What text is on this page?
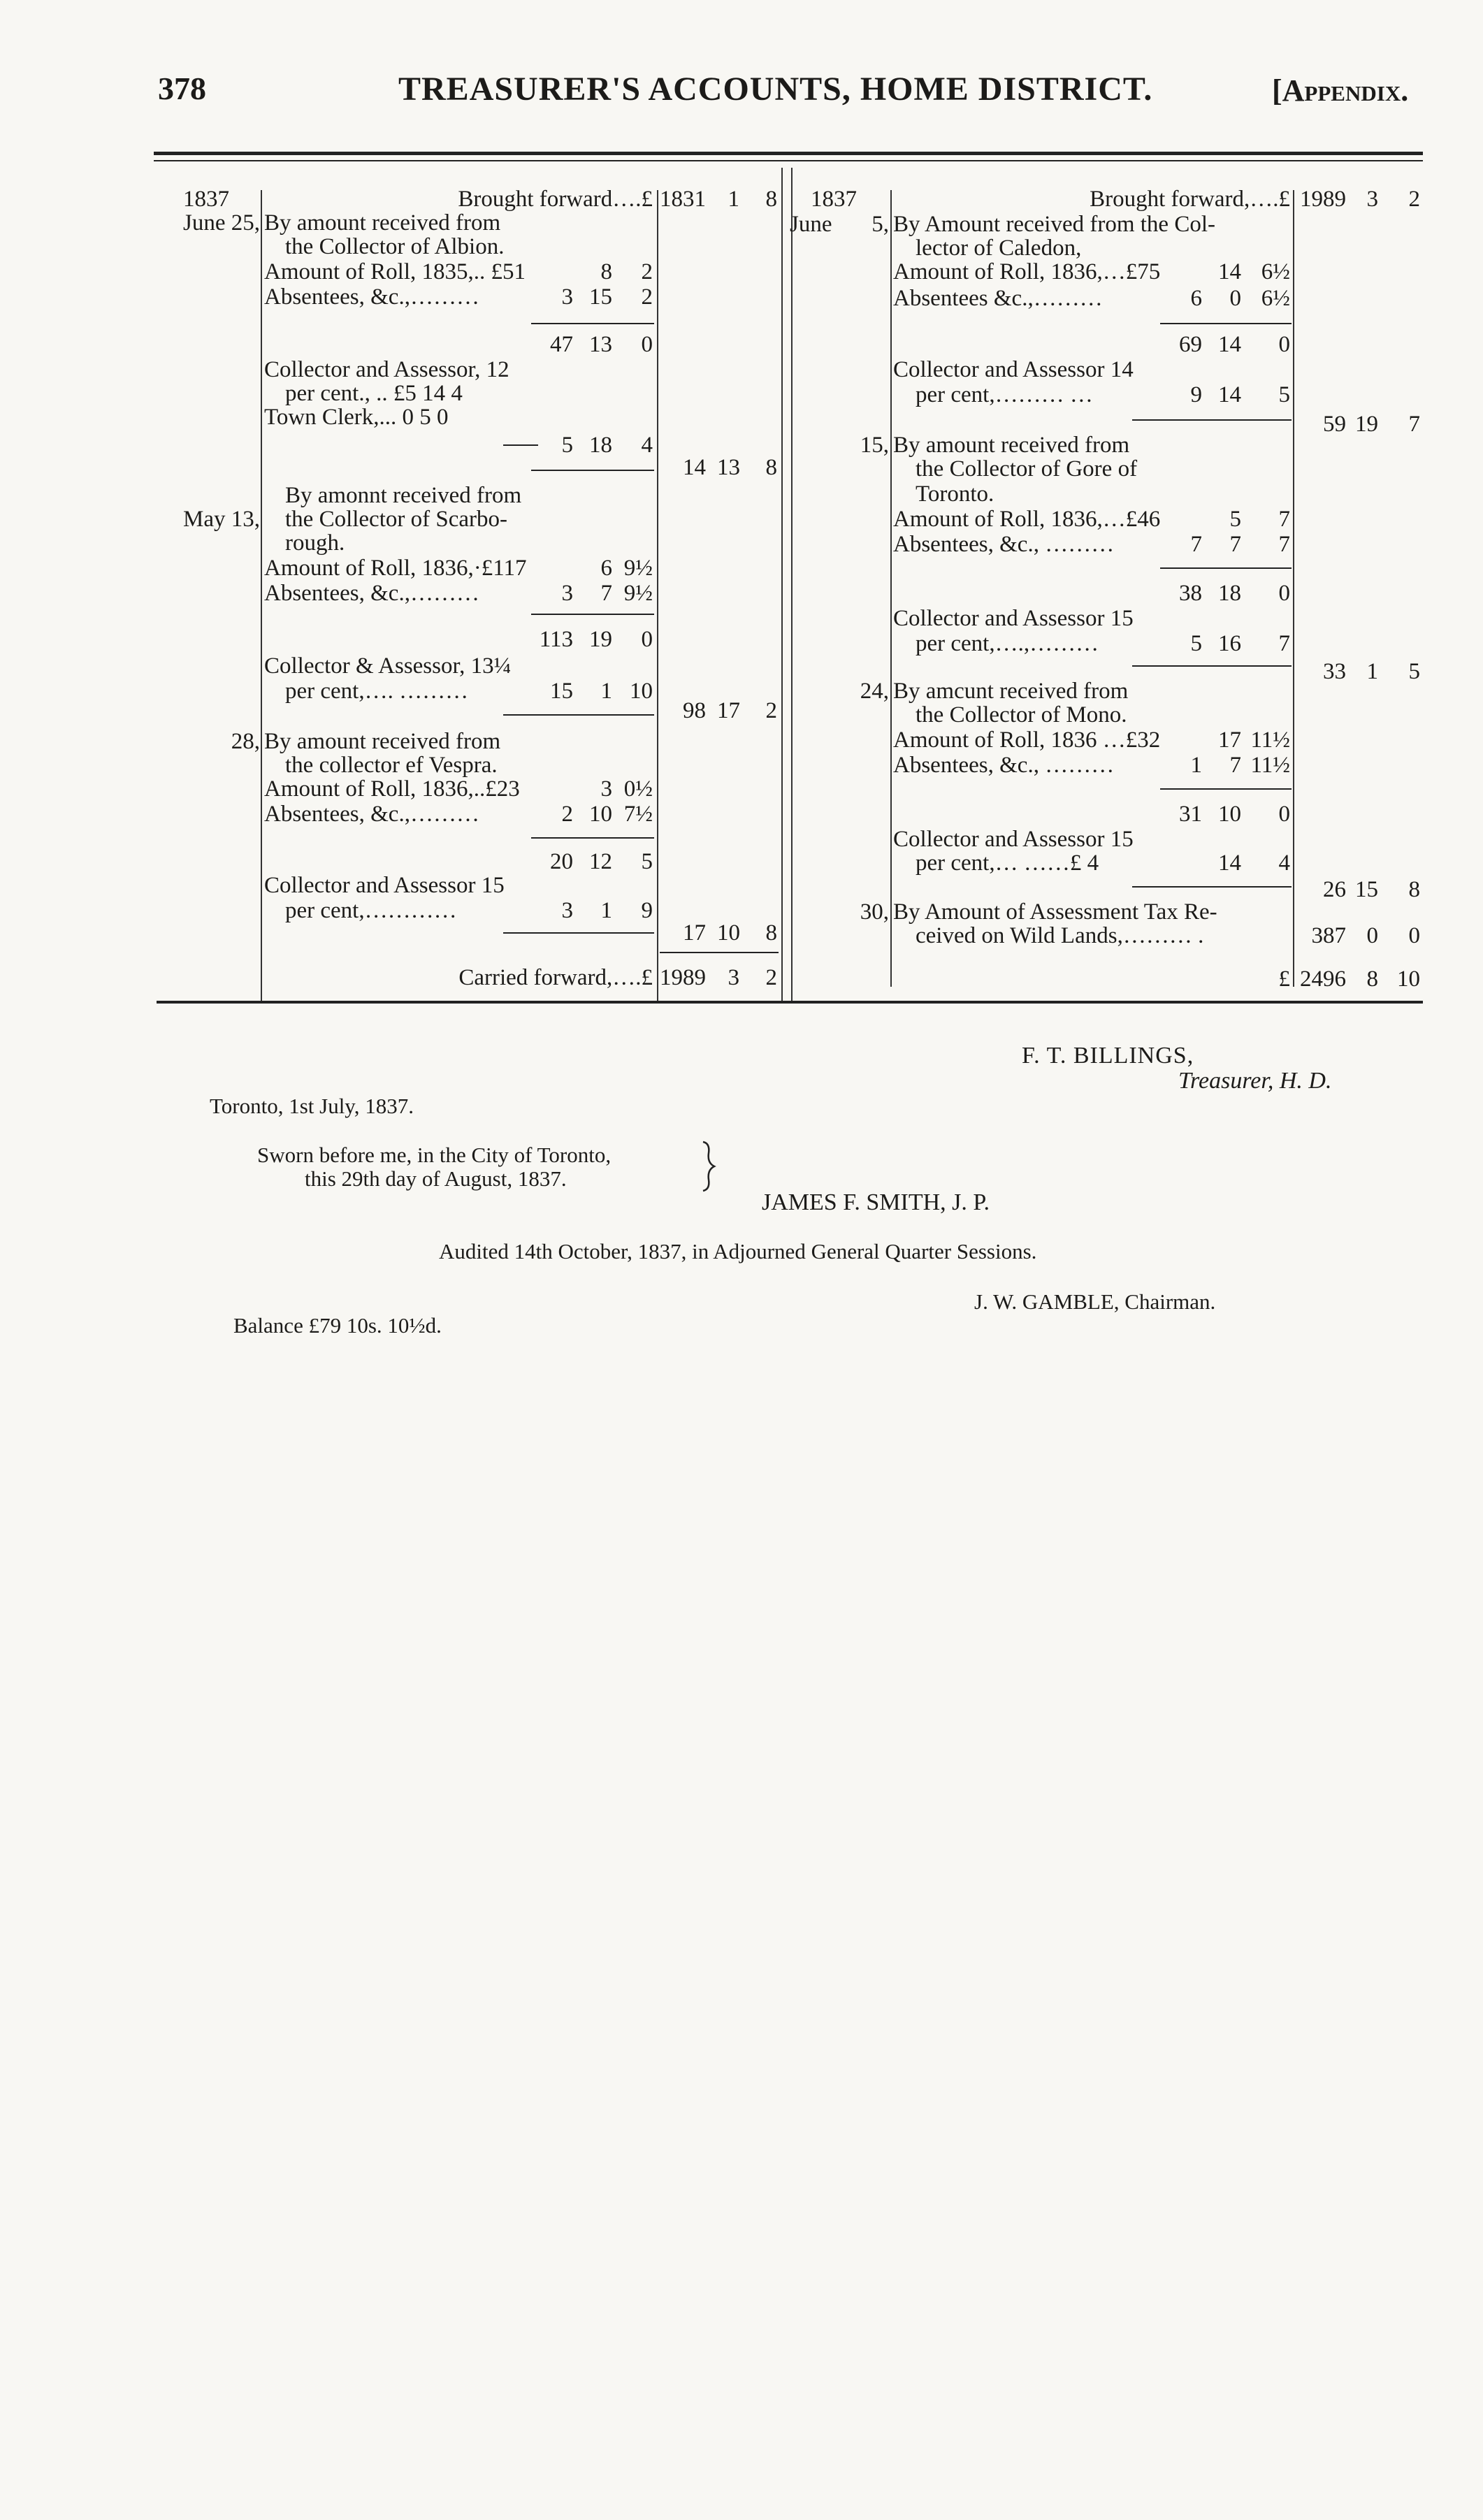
378	TREASURER'S ACCOUNTS, HOME DISTRICT.	[Appendix.
1837	Brought forward….£ 1831 1	8
June 25, By amount received from
the Collector of Albion.
Amount of Roll, 1835,.. £51	8	2
Absentees, &c.,………	3 15	2
47 13	0
Collector and Assessor, 12
per cent., .. £5 14 4
Town Clerk,... 0 5 0
5 18	4
14 13	8
By amonnt received from
May 13, the Collector of Scarbo-
rough.
Amount of Roll, 1836,·£117	6 9½
Absentees, &c.,………	3	7 9½
113 19	0
Collector & Assessor, 13¼
per cent,…. ………	15	1 10
98 17	2
28, By amount received from
the collector ef Vespra.
Amount of Roll, 1836,..£23	3 0½
Absentees, &c.,………	2 10 7½
20 12	5
Collector and Assessor 15
per cent,…………	3	1	9
17 10	8
Carried forward,….£ 1989 3	2
1837	Brought forward,….£ 1989 3	2
June	5, By Amount received from the Col-
lector of Caledon,
Amount of Roll, 1836,…£75	14 6½
Absentees &c.,………	6	0 6½
69 14	0
Collector and Assessor 14
per cent,……… …	9 14	5
59 19	7
15, By amount received from
the Collector of Gore of
Toronto.
Amount of Roll, 1836,…£46	5	7
Absentees, &c., ………	7	7	7
38 18	0
Collector and Assessor 15
per cent,….,………	5 16	7
33 1	5
24, By amcunt received from
the Collector of Mono.
Amount of Roll, 1836 …£32	17 11½
Absentees, &c., ………	1	7 11½
31 10	0
Collector and Assessor 15
per cent,… ……£ 4	14	4
26 15	8
30, By Amount of Assessment Tax Re-
ceived on Wild Lands,……… .	387 0	0
£ 2496 8 10
F. T. BILLINGS,
Treasurer, H. D.
Toronto, 1st July, 1837.
Sworn before me, in the City of Toronto,
this 29th day of August, 1837.
JAMES F. SMITH, J. P.
Audited 14th October, 1837, in Adjourned General Quarter Sessions.
J. W. GAMBLE, Chairman.
Balance £79 10s. 10½d.
